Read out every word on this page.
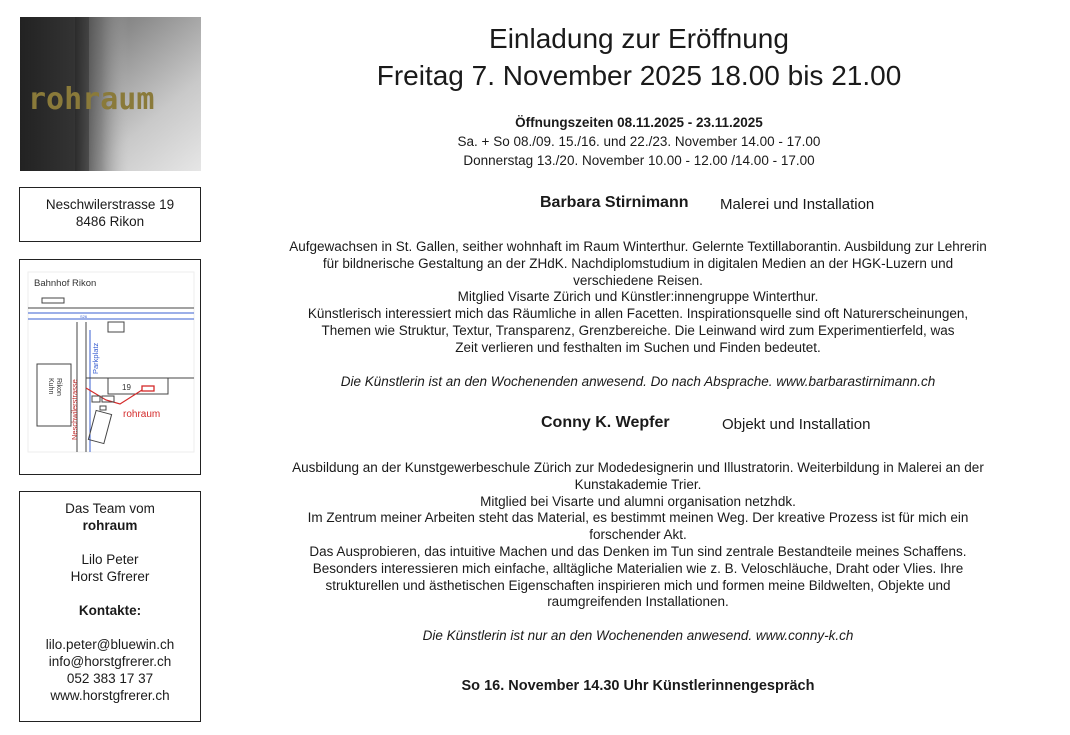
rohraum
Neschwilerstrasse 19
8486 Rikon
Bahnhof Rikon
S26
Kuhn Rikon Neschwilerstrasse
Parkplatz
19
rohraum
Das Team vom
rohraum
Lilo Peter
Horst Gfrerer
Kontakte:
lilo.peter@bluewin.ch
info@horstgfrerer.ch
052 383 17 37
www.horstgfrerer.ch
Einladung zur Eröffnung
Freitag 7. November 2025 18.00 bis 21.00
Öffnungszeiten 08.11.2025 - 23.11.2025
Sa. + So 08./09. 15./16. und 22./23. November 14.00 - 17.00
Donnerstag 13./20. November 10.00 - 12.00 /14.00 - 17.00
Barbara Stirnimann Malerei und Installation
Aufgewachsen in St. Gallen, seither wohnhaft im Raum Winterthur. Gelernte Textillaborantin. Ausbildung zur Lehrerin
für bildnerische Gestaltung an der ZHdK. Nachdiplomstudium in digitalen Medien an der HGK-Luzern und
verschiedene Reisen.
Mitglied Visarte Zürich und Künstler:innengruppe Winterthur.
Künstlerisch interessiert mich das Räumliche in allen Facetten. Inspirationsquelle sind oft Naturerscheinungen,
Themen wie Struktur, Textur, Transparenz, Grenzbereiche. Die Leinwand wird zum Experimentierfeld, was
Zeit verlieren und festhalten im Suchen und Finden bedeutet.
Die Künstlerin ist an den Wochenenden anwesend. Do nach Absprache. www.barbarastirnimann.ch
Conny K. Wepfer	Objekt und Installation
Ausbildung an der Kunstgewerbeschule Zürich zur Modedesignerin und Illustratorin. Weiterbildung in Malerei an der
Kunstakademie Trier.
Mitglied bei Visarte und alumni organisation netzhdk.
Im Zentrum meiner Arbeiten steht das Material, es bestimmt meinen Weg. Der kreative Prozess ist für mich ein
forschender Akt.
Das Ausprobieren, das intuitive Machen und das Denken im Tun sind zentrale Bestandteile meines Schaffens.
Besonders interessieren mich einfache, alltägliche Materialien wie z. B. Veloschläuche, Draht oder Vlies. Ihre
strukturellen und ästhetischen Eigenschaften inspirieren mich und formen meine Bildwelten, Objekte und
raumgreifenden Installationen.
Die Künstlerin ist nur an den Wochenenden anwesend. www.conny-k.ch
So 16. November 14.30 Uhr Künstlerinnengespräch
